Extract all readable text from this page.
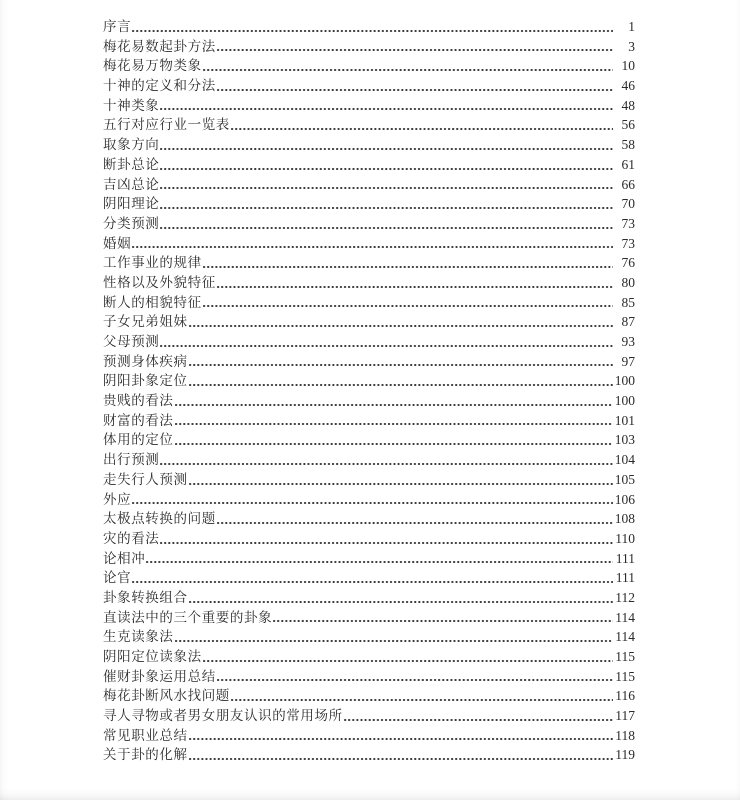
序言	1
梅花易数起卦方法	3
梅花易万物类象	10
十神的定义和分法	46
十神类象	48
五行对应行业一览表	56
取象方向	58
断卦总论	61
吉凶总论	66
阴阳理论	70
分类预测	73
婚姻	73
工作事业的规律	76
性格以及外貌特征	80
断人的相貌特征	85
子女兄弟姐妹	87
父母预测	93
预测身体疾病	97
阴阳卦象定位	100
贵贱的看法	100
财富的看法	101
体用的定位	103
出行预测	104
走失行人预测	105
外应	106
太极点转换的问题	108
灾的看法	110
论相冲	111
论官	111
卦象转换组合	112
直读法中的三个重要的卦象	114
生克读象法	114
阴阳定位读象法	115
催财卦象运用总结	115
梅花卦断风水找问题	116
寻人寻物或者男女朋友认识的常用场所	117
常见职业总结	118
关于卦的化解	119
